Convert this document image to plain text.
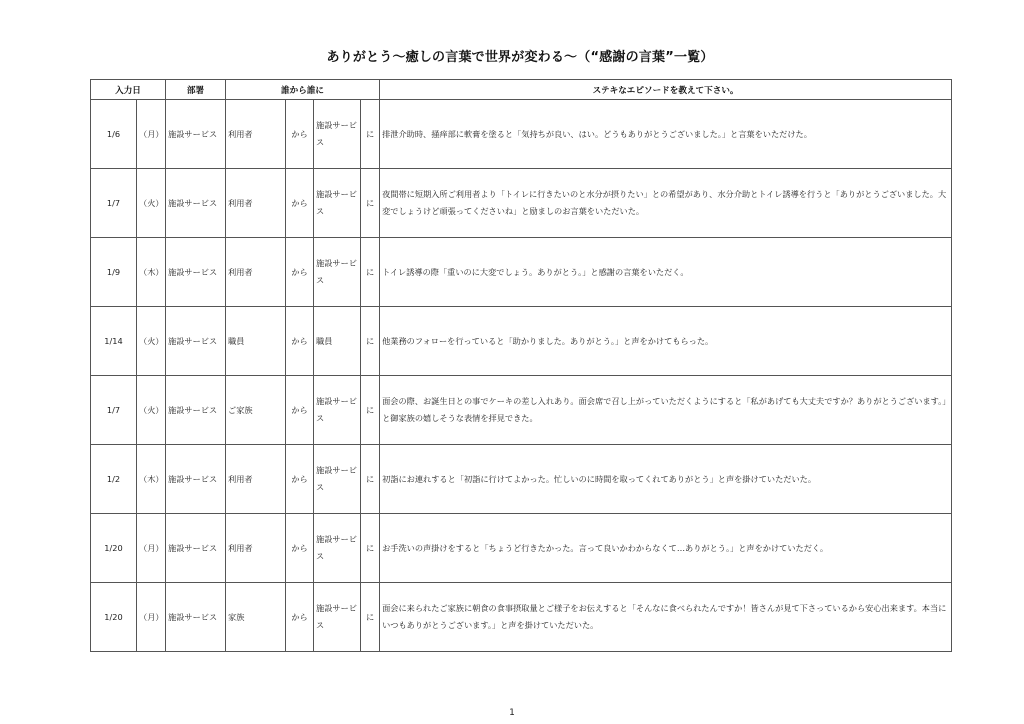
ありがとう～癒しの言葉で世界が変わる～（“感謝の言葉”一覧）
入力日		部署	誰から誰に				ステキなエピソードを教えて下さい。
1/6	（月）	施設サービス	利用者	から	施設サービス	に	排泄介助時、掻痒部に軟膏を塗ると「気持ちが良い、はい。どうもありがとうございました。」と言葉をいただけた。
1/7	（火）	施設サービス	利用者	から	施設サービス	に	夜間帯に短期入所ご利用者より「トイレに行きたいのと水分が摂りたい」との希望があり、水分介助とトイレ誘導を行うと「ありがとうございました。大変でしょうけど頑張ってくださいね」と励ましのお言葉をいただいた。
1/9	（木）	施設サービス	利用者	から	施設サービス	に	トイレ誘導の際「重いのに大変でしょう。ありがとう。」と感謝の言葉をいただく。
1/14	（火）	施設サービス	職員	から	職員	に	他業務のフォローを行っていると「助かりました。ありがとう。」と声をかけてもらった。
1/7	（火）	施設サービス	ご家族	から	施設サービス	に	面会の際、お誕生日との事でケーキの差し入れあり。面会席で召し上がっていただくようにすると「私があげても大丈夫ですか？ありがとうございます。」と御家族の嬉しそうな表情を拝見できた。
1/2	（木）	施設サービス	利用者	から	施設サービス	に	初詣にお連れすると「初詣に行けてよかった。忙しいのに時間を取ってくれてありがとう」と声を掛けていただいた。
1/20	（月）	施設サービス	利用者	から	施設サービス	に	お手洗いの声掛けをすると「ちょうど行きたかった。言って良いかわからなくて…ありがとう。」と声をかけていただく。
1/20	（月）	施設サービス	家族	から	施設サービス	に	面会に来られたご家族に朝食の食事摂取量とご様子をお伝えすると「そんなに食べられたんですか！皆さんが見て下さっているから安心出来ます。本当にいつもありがとうございます。」と声を掛けていただいた。
1
